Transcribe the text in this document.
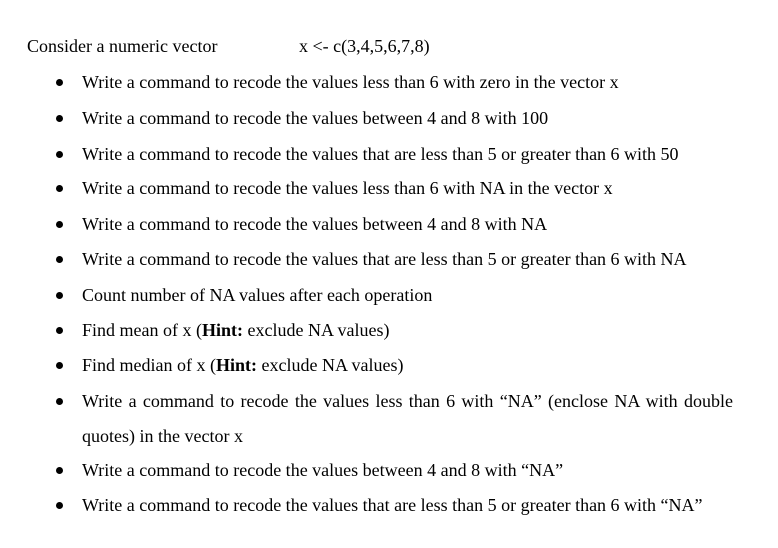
Consider a numeric vector	x <- c(3,4,5,6,7,8)
Write a command to recode the values less than 6 with zero in the vector x
Write a command to recode the values between 4 and 8 with 100
Write a command to recode the values that are less than 5 or greater than 6 with 50
Write a command to recode the values less than 6 with NA in the vector x
Write a command to recode the values between 4 and 8 with NA
Write a command to recode the values that are less than 5 or greater than 6 with NA
Count number of NA values after each operation
Find mean of x (Hint: exclude NA values)
Find median of x (Hint: exclude NA values)
Write a command to recode the values less than 6 with “NA” (enclose NA with double quotes) in the vector x
Write a command to recode the values between 4 and 8 with “NA”
Write a command to recode the values that are less than 5 or greater than 6 with “NA”
